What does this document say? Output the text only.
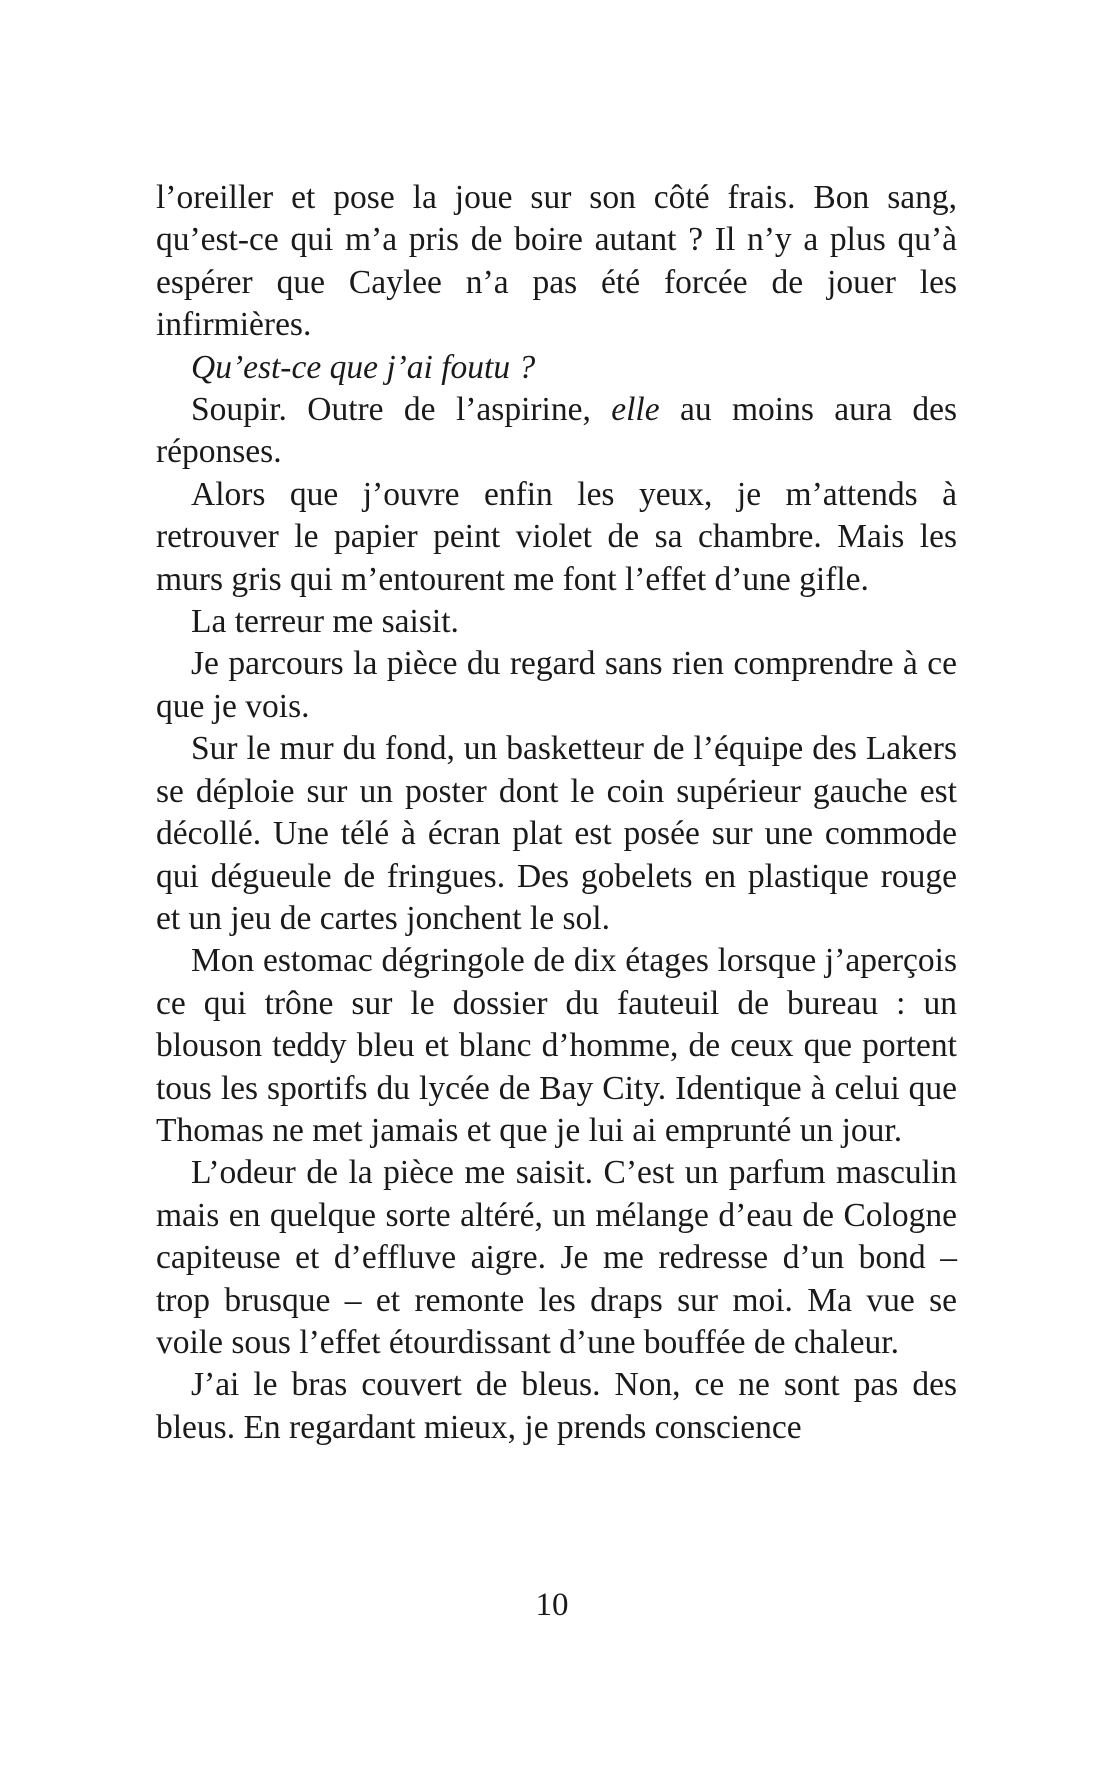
l’oreiller et pose la joue sur son côté frais. Bon sang, qu’est-ce qui m’a pris de boire autant ? Il n’y a plus qu’à espérer que Caylee n’a pas été forcée de jouer les infirmières.

Qu’est-ce que j’ai foutu ?

Soupir. Outre de l’aspirine, elle au moins aura des réponses.

Alors que j’ouvre enfin les yeux, je m’attends à retrouver le papier peint violet de sa chambre. Mais les murs gris qui m’entourent me font l’effet d’une gifle.

La terreur me saisit.

Je parcours la pièce du regard sans rien comprendre à ce que je vois.

Sur le mur du fond, un basketteur de l’équipe des Lakers se déploie sur un poster dont le coin supérieur gauche est décollé. Une télé à écran plat est posée sur une commode qui dégueule de fringues. Des gobelets en plastique rouge et un jeu de cartes jonchent le sol.

Mon estomac dégringole de dix étages lorsque j’aperçois ce qui trône sur le dossier du fauteuil de bureau : un blouson teddy bleu et blanc d’homme, de ceux que portent tous les sportifs du lycée de Bay City. Identique à celui que Thomas ne met jamais et que je lui ai emprunté un jour.

L’odeur de la pièce me saisit. C’est un parfum masculin mais en quelque sorte altéré, un mélange d’eau de Cologne capiteuse et d’effluve aigre. Je me redresse d’un bond – trop brusque – et remonte les draps sur moi. Ma vue se voile sous l’effet étourdissant d’une bouffée de chaleur.

J’ai le bras couvert de bleus. Non, ce ne sont pas des bleus. En regardant mieux, je prends conscience

10
